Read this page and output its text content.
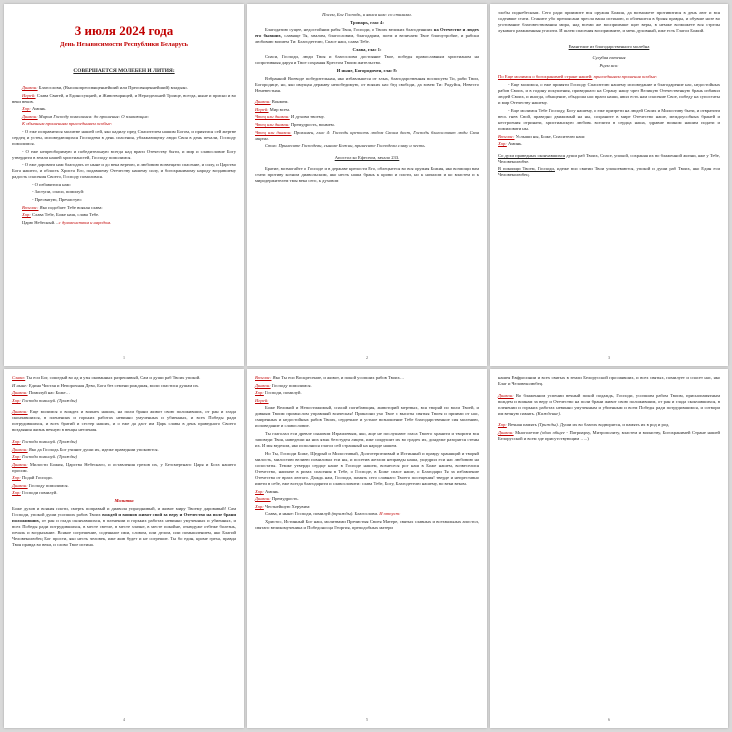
3 июля 2024 года
День Независимости Республики Беларусь
СОВЕРШАЕТСЯ МОЛЕБЕН И ЛИТИЯ:

Диакон: Благослови, (Высокопреосвященнейший или Преосвященнейший) владыко.

Иерей: Слава Святей, и Единосущней, и Животворящей, и Нераздельней Троице, всегда, ныне и присно и во веки веков.

Хор: Аминь.

Диакон: Миром Господу помолимся: до прошения: О плавающих:

К обычным прошениям присоединяем особые:

- О еже исправитися молитве нашей сей, яко кадилу пред Спасителем нашим Богом, и приятися сей жертве сердец и устен, исповедающихся Господеви в день спасения, ублажающему люди Своя в день печали, Господу помолимся.

- О еже непреоборимую и победительную всегда над враги Отечеству быти, и мир и славословие Богу утвердити в земли нашей христианстей, Господу помолимся.

- О еже даровати нам благодать от ныне и до века вереою, и любовию возвещати спасение, и силу, и Царство Бога нашего, и область Христа Его, подавшему Отечеству нашему силу, и богохранимому народу воздавшему радость спасения Своего, Господу помолимся.

- О избавитися нам:

- Заступи, спаси, помилуй:

- Пресвятую, Пречистую:

Возглас: Яко подобает Тебе всякая слава:

Хор: Слава Тебе, Боже наш, слава Тебе.

Царю Небесный…с духовенством и народом.

1

Посем, Бог Господь, и явися нам: со стихами.

Тропарь, глас 4:

Благодатию сущее, недостойним рабы Твоя, Господи, о Твоих великих благодеяниих на Отечестве и людех его бывших, славяще Тя, хвалим, благословим, благодарим, поем и величаем Твое благоутробие, и рабски любовию вопием Ти: Благодетелю, Спасе наш, слава Тебе.

Слава, глас 1:

Спаси, Господи, люди Твоя и благослови достояние Твое, победы православным христианом на сопротивныя даруя и Твое сохраняя Крестом Твоим жительство.

И ныне, Богородичен, глас 8:

Взбранной Воеводе победительная, яко избавльшеся от злых, благодарственная восписуем Ти, раби Твои, Богородице, но, яко имущая державу непобедимую, от всяких нас бед свободи, да зовем Ти: Радуйся, Невесто Неневестная.

Диакон: Вонмем.

Иерей: Мир всем.

Чтец или диакон: И духови твоему.

Чтец или диакон: Премудрость, вонмем.

Чтец или диакон: Прокимен, глас 4: Господь крепость людем Своим даст, Господь благословит люди Своя миром.

Стих: Принесите Господеви, сынове Божии, принесите Господеви славу и честь.

Апостол ко Ефесеом, зачало 233.

Братие, возмогайте о Господе и в державе крепости Его, облецытеся во вся оружия Божия, яко возмощи вам стати противу козном диавольским, яко несть наша брань к крови и плоти, но к началом и ко властем и к миродержителем тмы века сего, к духовом

2

злобы поднебесным. Сего ради приимите вся оружия Божия, да возможете противитися в день лют и вся содеявше стати. Станите убо препоясани чресла ваша истиною, и облекшеся в броня правды, и обувше нозе во уготование благовествования мира, над всеми же восприимше щит веры, в немже возможете вся стрелы лукаваго разжженныя угасити. И шлем спасения восприимите, и мечь духовный, иже есть Глагол Божий.

Евангелие из благодарственного молебна

Сугубая ектения

Рцем вси:

По Еще молимся о богохранимей стране нашей: присоединяем прошения особые:

- Еще молимся, о еже приияти Господу Спасителю нашему исповедание и благодарение нас, недостойных рабов Своих, и в годину искушения, приведшаго на Страну нашу чрез Великую Отечественную брань избавил людей Своих, и иногда, обыщение, обыдоша нас враги наши, явил есть нам спасение Свое, победу на супостаты и мир Отечеству нашему.

- Еще молимся Тебе Господу, Богу нашему, о еже призрети на людей Своих и Милостиву быти, и отвратити весь гнев Свой, праведно движимый на ны, сохраните в мире Отечество наше, междоусобных браней и нестроения отринати, христианскую любовь вселити в сердца наша, здравие воином нашим подати и помиловати ны.

Возглас: Услыши ны, Боже, Спасителю наш:

Хор: Аминь.

Со духи праведных скончавшихся души раб Твоих, Спасе, упокой, сохраняя их во блаженной жизни, яже у Тебе, Человеколюбче.

В покоищи Твоем, Господи, идеже вси святии Твои упокоеваются, упокой и души раб Твоих, яко Един еси Человеколюбец.

3

Слава: Ты еси Бог, сошедый во ад и узы окованных разрешивый, Сам и души раб Твоих упокой.

И ныне: Едина Чистая и Непорочная Дево, Бога без семени рождшая, моли спастися душам их.

Диакон: Помилуй нас Боже…

Хор: Господи помилуй. (Трижды)

Диакон: Еще молимся о вождех и воинех наших, на поли брани живот свою положивших, от ран и глада скончавшихся, в пленениях и горьких работах невинно умученных и убиенных, и всех Победы ради потрудившихся, и всех братий и сестер наших, и о еже да даст им Царь славы в день праведного Своего воздаяния жизнь вечную в венцы нетления.

Хор: Господи помилуй. (Трижды)

Диакон: Яко да Господь Бог учинит души их, идеже праведнии упокоются.

Хор: Господи помилуй. (Трижды)

Диакон: Милости Божия, Царства Небеснаго, и оставления грехов их, у Безсмертнаго Царя и Бога нашего просим.

Хор: Подай Господи.

Диакон: Господу помолимся.

Хор: Господи помилуй.

Молитва

Боже духов и всякия плоти, смерть поправый и диавола упразднивый, и живот миру Твоему даровавый! Сам Господи, упокой души усопших рабов Твоих вождей и воинов живот свой за веру и Отечество на поле брани положивших, от ран и глада скончавшихся, в пленении и горьких работах невинно умученных и убиенных, и всех Победы ради потрудившихся, в месте светле, в месте злачне, в месте покойне, отнюдуже отбеже болезнь, печаль и воздыхание. Всякое согрешение, содеянное ими, словом, или делом, или помышлением, яко Благий Человеколюбец Бог прости, яко несть человек, иже жив будет и не согрешит. Ты бо един, кроме греха, правда Твоя правда во веки, и слово Твое истина.

4

Возглас: Яко Ты еси Воскресение, и живот, и покой усопших рабов Твоих…

Диакон: Господу помолимся.

Хор: Господи, помилуй.

Иерей:

Боже Великий и Непостижимый, спасай погибающия, животорий мертвых, вся творяй по воли Твоей, и дивным Твоим промыслом управляяй всяческая! Приклони ухо Твое с высоты святыя Твоея и приими от нас, смиренных и недостойных рабов Твоих, сердечное и устное возношение Тебе благодарственное сия молению, исповедание и славословие.

Ты глаголал еси древле сыновом Израилевым, яко, аще не послушают гласа Твоего хранити и творити вся заповеди Твоя, наведеши на них язык безстуден лицем, иже сокрушит их во градех их, дондеже разорятся стены их. И мы ведехом, яко исполнися глагол сей страшный на народе нашем.

Но Ты, Господи Боже, Щедрый и Милостивый, Долготерпеливый и Истинный и правду хранящий и творяй милость, милостию велиею помиловал еси ны, и посетив жезлом неправды наша, ущедрил еси нас любовию на сопостаты. Темже утверди сердце наше в Господе нашем, вознесеся рог наш в Боже нашем, возвеселися Отечество, наипаче в ризах спасения в Тебе, о Господе, в Боже спасе наше, о Благодари Тя за избавление Отечества от врага лютаго. Даждь нам, Господи, память сего славнаго Твоего посещения! тверде и непреставно имети в себе, еже всегда благодарити и славословити: слава Тебе, Богу, Благодетелю нашему, во веки веком.

Хор: Аминь.

Диакон: Премудрость.

Хор: Честнейшую Херувим:

Слава, и ныне: Господи, помилуй (трижды). Благослови. И отпуст:

Христос, Истинный Бог наш, молитвами Пречистыя Своея Матере, святых славных и всехвальных апостол, святаго великомученика и Победоносца Георгия, преподобных матери

5

нашея Евфросинии и всех святых в земли Белорусской просиявших, и всех святых, помилует и спасет нас, яко Благ и Человеколюбец.

Диакон: Во блаженном успении вечный покой подаждь, Господи, усопшим рабом Твоим, приснопамятным вождем и воинам за веру и Отечество на поли брани живот свою положившим, от ран и глада скончавшихся, в пленении и горьких работах невинно умученным и убиенным и всем Победы ради потрудившимся, и сотвори им вечную память. (Каждение).

Хор: Вечная память (Трижды). Души их во благих водворятся, и память их в род и род.

Диакон: Многолетие (одно общее - Патриарху, Митрополиту, властем и воинству, Богохранимей Стране нашей Белорусской и всем зде присутствующим …..)

6
